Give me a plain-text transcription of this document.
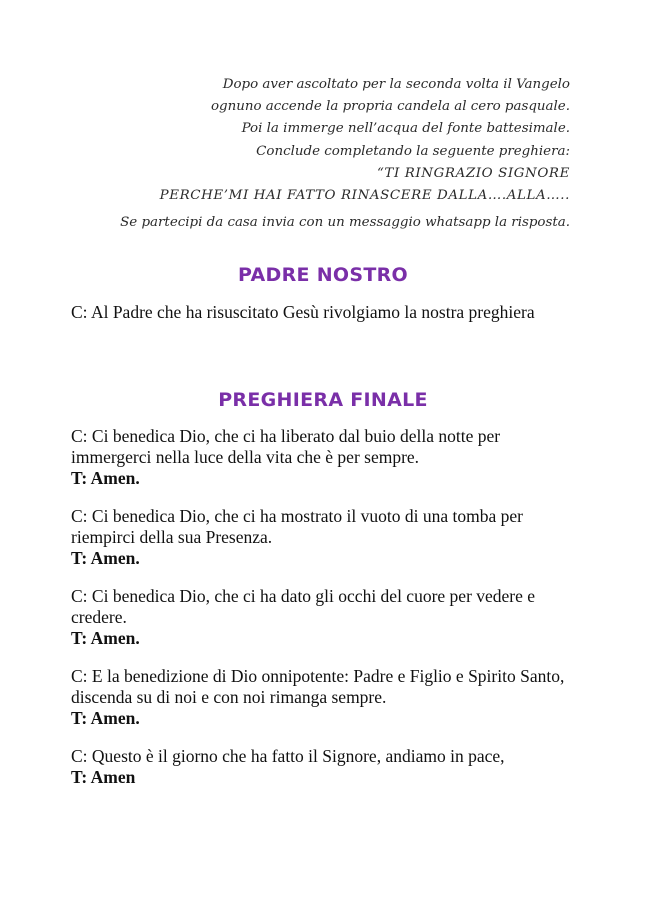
Dopo aver ascoltato per la seconda volta il Vangelo
ognuno accende la propria candela al cero pasquale.
Poi la immerge nell’acqua del fonte battesimale.
Conclude completando la seguente preghiera:
“TI RINGRAZIO SIGNORE
PERCHE’MI HAI FATTO RINASCERE DALLA….ALLA…..
Se partecipi da casa invia con un messaggio whatsapp la risposta.
PADRE NOSTRO
C: Al Padre che ha risuscitato Gesù rivolgiamo la nostra preghiera
PREGHIERA FINALE
C: Ci benedica Dio, che ci ha liberato dal buio della notte per immergerci nella luce della vita che è per sempre.
T: Amen.
C: Ci benedica Dio, che ci ha mostrato il vuoto di una tomba per riempirci della sua Presenza.
T: Amen.
C: Ci benedica Dio, che ci ha dato gli occhi del cuore per vedere e credere.
T: Amen.
C: E la benedizione di Dio onnipotente: Padre e Figlio e Spirito Santo, discenda su di noi e con noi rimanga sempre.
T: Amen.
C: Questo è il giorno che ha fatto il Signore, andiamo in pace,
T: Amen
